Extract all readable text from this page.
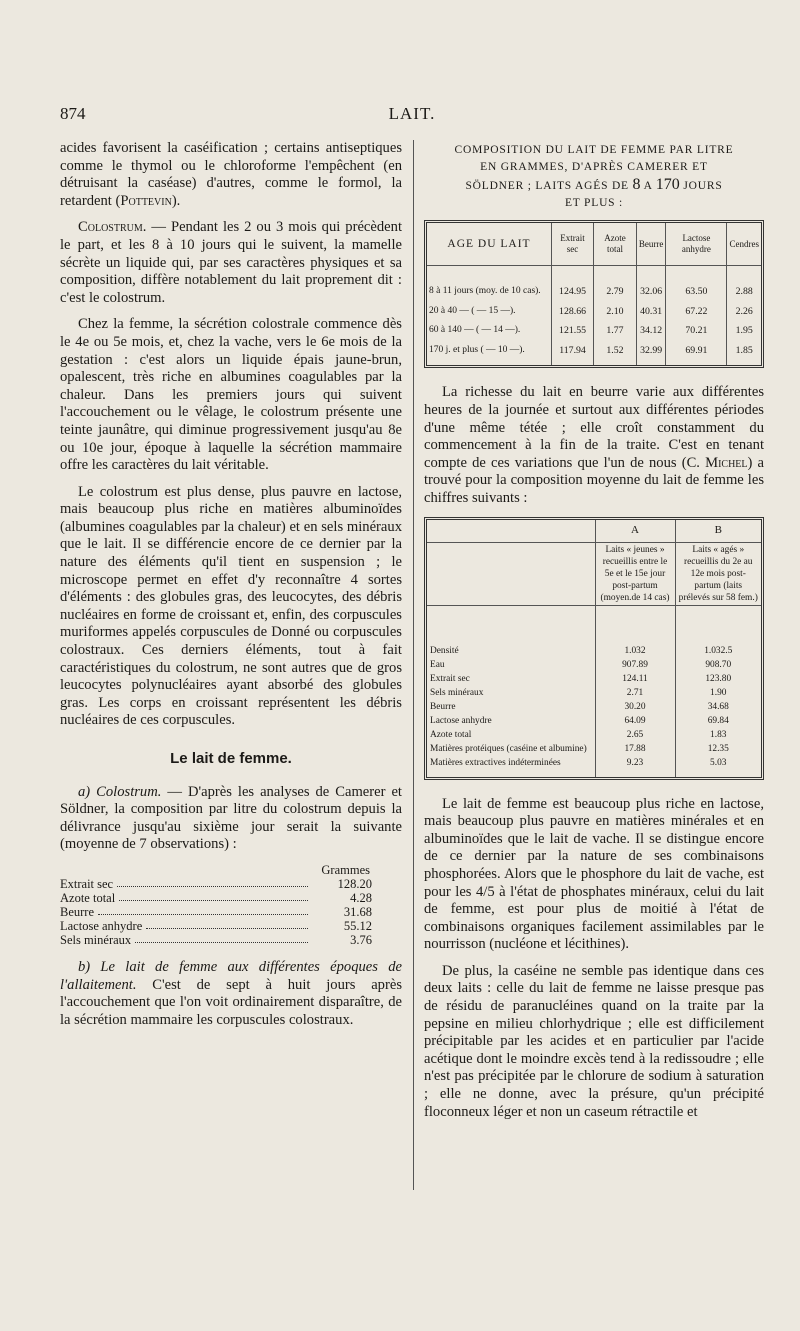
874	LAIT.

acides favorisent la caséification ; certains antiseptiques comme le thymol ou le chloroforme l'empêchent (en détruisant la caséase) d'autres, comme le formol, la retardent (Pottevin).

Colostrum. — Pendant les 2 ou 3 mois qui précèdent le part, et les 8 à 10 jours qui le suivent, la mamelle sécrète un liquide qui, par ses caractères physiques et sa composition, diffère notablement du lait proprement dit : c'est le colostrum.

Chez la femme, la sécrétion colostrale commence dès le 4e ou 5e mois, et, chez la vache, vers le 6e mois de la gestation : c'est alors un liquide épais jaune-brun, opalescent, très riche en albumines coagulables par la chaleur. Dans les premiers jours qui suivent l'accouchement ou le vêlage, le colostrum présente une teinte jaunâtre, qui diminue progressivement jusqu'au 8e ou 10e jour, époque à laquelle la sécrétion mammaire offre les caractères du lait véritable.

Le colostrum est plus dense, plus pauvre en lactose, mais beaucoup plus riche en matières albuminoïdes (albumines coagulables par la chaleur) et en sels minéraux que le lait. Il se différencie encore de ce dernier par la nature des éléments qu'il tient en suspension ; le microscope permet en effet d'y reconnaître 4 sortes d'éléments : des globules gras, des leucocytes, des débris nucléaires en forme de croissant et, enfin, des corpuscules muriformes appelés corpuscules de Donné ou corpuscules colostraux. Ces derniers éléments, tout à fait caractéristiques du colostrum, ne sont autres que de gros leucocytes polynucléaires ayant absorbé des globules gras. Les corps en croissant représentent les débris nucléaires de ces corpuscules.

Le lait de femme.

a) Colostrum. — D'après les analyses de Camerer et Söldner, la composition par litre du colostrum depuis la délivrance jusqu'au sixième jour serait la suivante (moyenne de 7 observations) :

Grammes
Extrait sec	128.20
Azote total	4.28
Beurre	31.68
Lactose anhydre	55.12
Sels minéraux	3.76

b) Le lait de femme aux différentes époques de l'allaitement. C'est de sept à huit jours après l'accouchement que l'on voit ordinairement disparaître, de la sécrétion mammaire les corpuscules colostraux.

COMPOSITION DU LAIT DE FEMME PAR LITRE
EN GRAMMES, D'APRÈS CAMERER ET
SÖLDNER ; LAITS AGÉS DE 8 A 170 JOURS
ET PLUS :
AGE DU LAIT	Extrait sec	Azote total	Beurre	Lactose anhydre	Cendres

8 à 11 jours (moy. de 10 cas).	124.95	2.79	32.06	63.50	2.88
20 à 40 — ( — 15 —).	128.66	2.10	40.31	67.22	2.26
60 à 140 — ( — 14 —).	121.55	1.77	34.12	70.21	1.95
170 j. et plus ( — 10 —).	117.94	1.52	32.99	69.91	1.85

La richesse du lait en beurre varie aux différentes heures de la journée et surtout aux différentes périodes d'une même tétée ; elle croît constamment du commencement à la fin de la traite. C'est en tenant compte de ces variations que l'un de nous (C. Michel) a trouvé pour la composition moyenne du lait de femme les chiffres suivants :

	A	B
	Laits « jeunes » recueillis entre le 5e et le 15e jour post-partum (moyen.de 14 cas)	Laits « agés » recueillis du 2e au 12e mois post-partum (laits prélevés sur 58 fem.)

Densité	1.032	1.032.5
Eau	907.89	908.70
Extrait sec	124.11	123.80
Sels minéraux	2.71	1.90
Beurre	30.20	34.68
Lactose anhydre	64.09	69.84
Azote total	2.65	1.83
Matières protéiques (caséine et albumine)	17.88	12.35
Matières extractives indéterminées	9.23	5.03

Le lait de femme est beaucoup plus riche en lactose, mais beaucoup plus pauvre en matières minérales et en albuminoïdes que le lait de vache. Il se distingue encore de ce dernier par la nature de ses combinaisons phosphorées. Alors que le phosphore du lait de vache, est pour les 4/5 à l'état de phosphates minéraux, celui du lait de femme, est pour plus de moitié à l'état de combinaisons organiques facilement assimilables par le nourrisson (nucléone et lécithines).

De plus, la caséine ne semble pas identique dans ces deux laits : celle du lait de femme ne laisse presque pas de résidu de paranucléines quand on la traite par la pepsine en milieu chlorhydrique ; elle est difficilement précipitable par les acides et en particulier par l'acide acétique dont le moindre excès tend à la redissoudre ; elle n'est pas précipitée par le chlorure de sodium à saturation ; elle ne donne, avec la présure, qu'un précipité floconneux léger et non un caseum rétractile et
